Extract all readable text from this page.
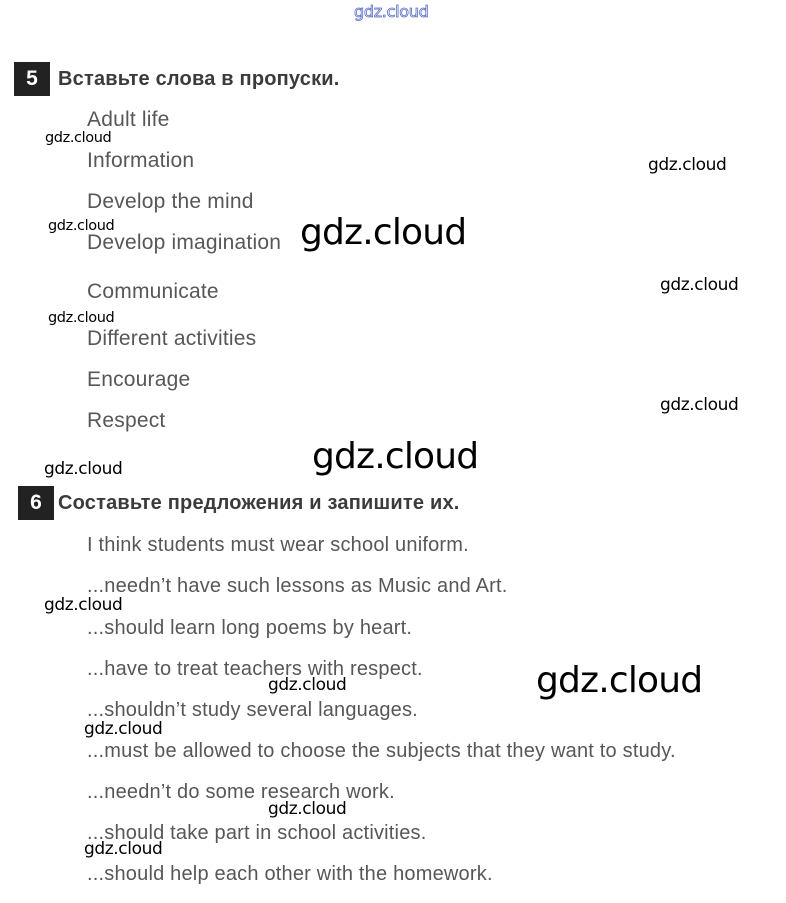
gdz.cloud
5	Вставьте слова в пропуски.
Adult life
Information
Develop the mind
Develop imagination
Communicate
Different activities
Encourage
Respect
6 Составьте предложения и запишите их.
I think students must wear school uniform.
...needn’t have such lessons as Music and Art.
...should learn long poems by heart.
...have to treat teachers with respect.
...shouldn’t study several languages.
...must be allowed to choose the subjects that they want to study.
...needn’t do some research work.
...should take part in school activities.
...should help each other with the homework.
gdz.cloud
gdz.cloud
gdz.cloud	gdz.cloud
gdz.cloud
gdz.cloud
gdz.cloud
gdz.cloud
gdz.cloud
gdz.cloud
gdz.cloud	gdz.cloud
gdz.cloud
gdz.cloud
gdz.cloud
